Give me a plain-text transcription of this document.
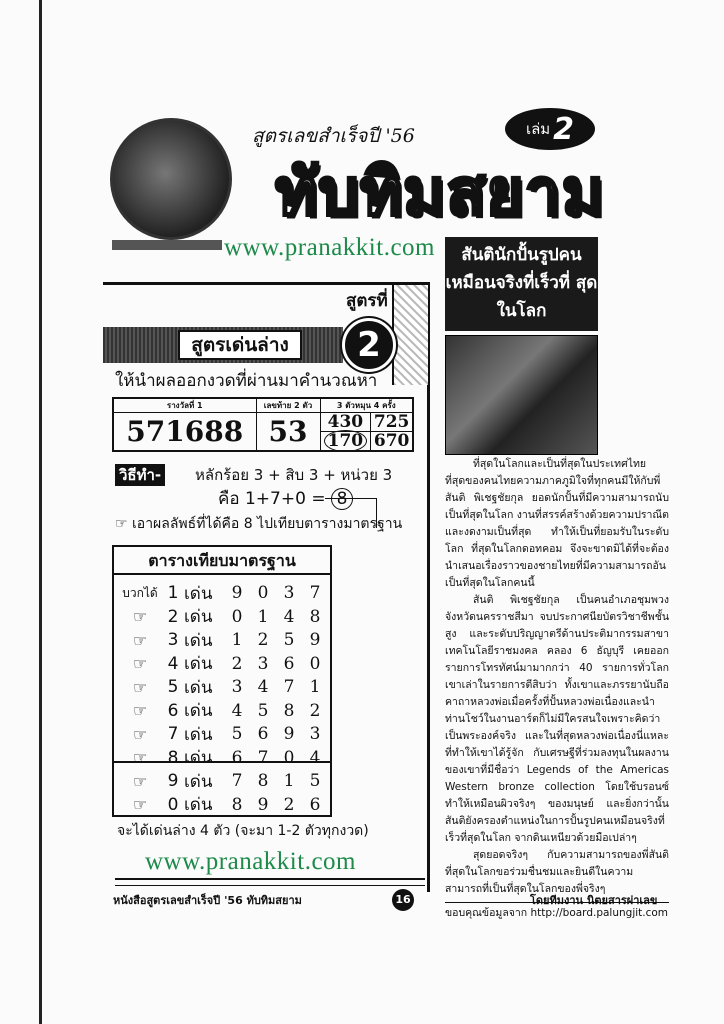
สูตรเลขสำเร็จปี '56
ทับทิมสยาม
เล่ม 2
สันตินักปั้นรูปคน เหมือนจริงที่เร็วที่ สุดในโลก
สูตรที่
สูตรเด่นล่าง	2
www.pranakkit.com
ให้นำผลออกงวดที่ผ่านมาคำนวณหา
รางวัลที่ 1	เลขท้าย 2 ตัว	3 ตัวหมุน 4 ครั้ง	
571688	53	430	725
		170	670
วิธีทำ- หลักร้อย 3 + สิบ 3 + หน่วย 3
คือ 1+7+0 = 8
☞ เอาผลลัพธ์ที่ได้คือ 8 ไปเทียบตารางมาตรฐาน
ตารางเทียบมาตรฐาน
บวกได้ 1 เด่น	9 0 3 7
☞	2 เด่น	0 1 4 8
☞	3 เด่น	1 2 5 9
☞	4 เด่น	2 3 6 0
☞	5 เด่น	3 4 7 1
☞	6 เด่น	4 5 8 2
☞	7 เด่น	5 6 9 3
☞	8 เด่น	6 7 0 4
☞	9 เด่น	7 8 1 5
☞	0 เด่น	8 9 2 6
จะได้เด่นล่าง 4 ตัว (จะมา 1-2 ตัวทุกงวด)
www.pranakkit.com

ที่สุดในโลกและเป็นที่สุดในประเทศไทย ที่สุดของคนไทยความภาคภูมิใจที่ทุกคนมีให้กับพี่สันติ พิเชฐชัยกุล ยอดนักปั้นที่มีความสามารถนับเป็นที่สุดในโลก งานที่สรรค์สร้างด้วยความปราณีต และงดงามเป็นที่สุด ทำให้เป็นที่ยอมรับในระดับโลก ที่สุดในโลกดอทคอม จึงจะขาดมิได้ที่จะต้องนำเสนอเรื่องราวของชายไทยที่มีความสามารถอันเป็นที่สุดในโลกคนนี้

สันติ พิเชฐชัยกุล เป็นคนอำเภอชุมพวง จังหวัดนครราชสีมา จบประกาศนียบัตรวิชาชีพชั้นสูง และระดับปริญญาตรีด้านประติมากรรมสาขาเทคโนโลยีราชมงคล คลอง 6 ธัญบุรี เคยออกรายการโทรทัศน์มามากกว่า 40 รายการทั่วโลก เขาเล่าในรายการตีสิบว่า ทั้งเขาและภรรยานับถือคาถาหลวงพ่อเมื่อครั้งที่ปั้นหลวงพ่อเนื่องและนำท่านโชว์ในงานอาร์ตก็ไม่มีใครสนใจเพราะคิดว่าเป็นพระองค์จริง และในที่สุดหลวงพ่อเนื่องนี่แหละที่ทำให้เขาได้รู้จัก กับเศรษฐีที่ร่วมลงทุนในผลงานของเขาที่มีชื่อว่า Legends of the Americas Western bronze collection โดยใช้บรอนซ์ทำให้เหมือนผิวจริงๆ ของมนุษย์ และยิ่งกว่านั้นสันติยังครองตำแหน่งในการปั้นรูปคนเหมือนจริงที่เร็วที่สุดในโลก จากดินเหนียวด้วยมือเปล่าๆ

สุดยอดจริงๆ กับความสามารถของพี่สันติ ที่สุดในโลกขอร่วมชื่นชมและยินดีในความสามารถที่เป็นที่สุดในโลกของพี่จริงๆ

ขอบคุณข้อมูลจาก http://board.palungjit.com
หนังสือสูตรเลขสำเร็จปี '56 ทับทิมสยาม	16	โดยทีมงาน นิตยสารผ่าเลข
